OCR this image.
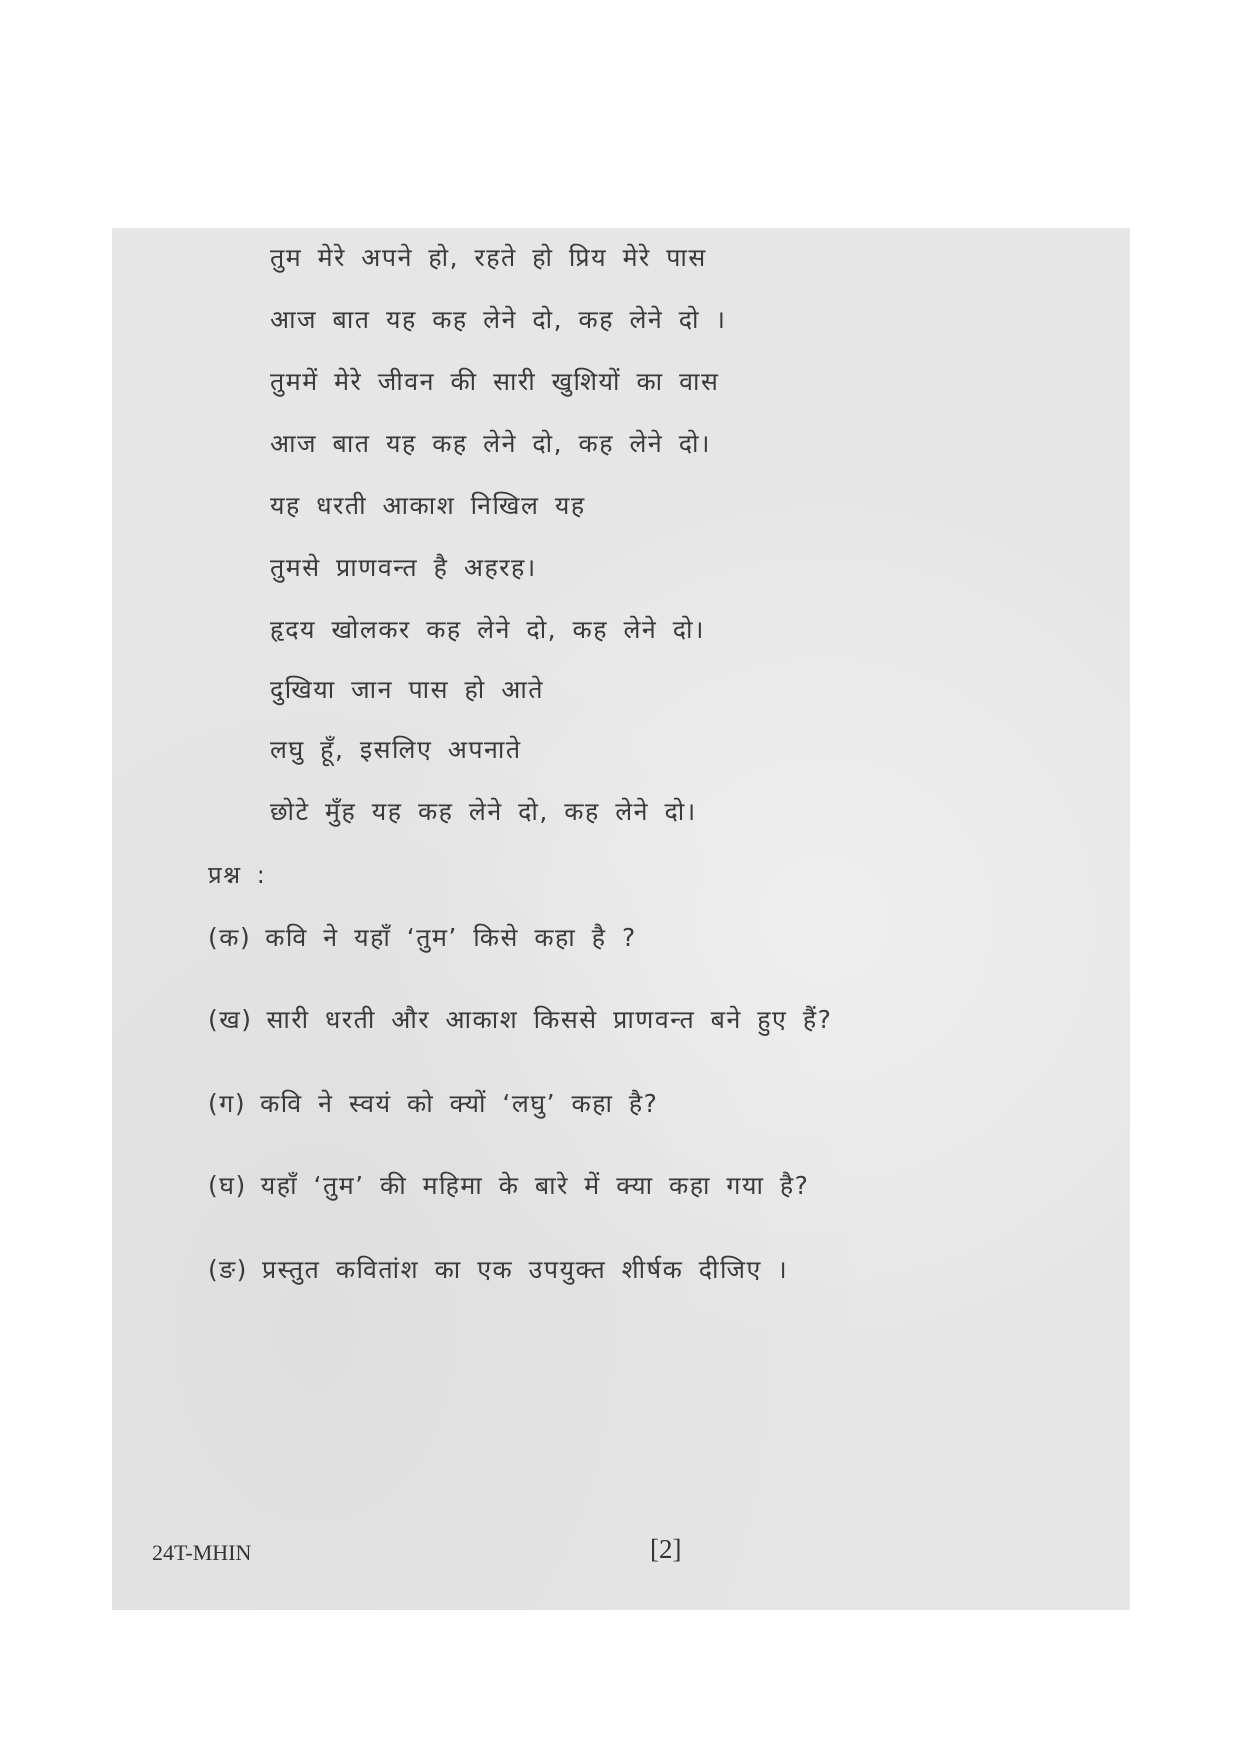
तुम मेरे अपने हो, रहते हो प्रिय मेरे पास
आज बात यह कह लेने दो, कह लेने दो ।
तुममें मेरे जीवन की सारी खुशियों का वास
आज बात यह कह लेने दो, कह लेने दो।
यह धरती आकाश निखिल यह
तुमसे प्राणवन्त है अहरह।
हृदय खोलकर कह लेने दो, कह लेने दो।
दुखिया जान पास हो आते
लघु हूँ, इसलिए अपनाते
छोटे मुँह यह कह लेने दो, कह लेने दो।
प्रश्न :
(क) कवि ने यहाँ ‘तुम’ किसे कहा है ?
(ख) सारी धरती और आकाश किससे प्राणवन्त बने हुए हैं?
(ग) कवि ने स्वयं को क्यों ‘लघु’ कहा है?
(घ) यहाँ ‘तुम’ की महिमा के बारे में क्या कहा गया है?
(ङ) प्रस्तुत कवितांश का एक उपयुक्त शीर्षक दीजिए ।
24T-MHIN	[2]
